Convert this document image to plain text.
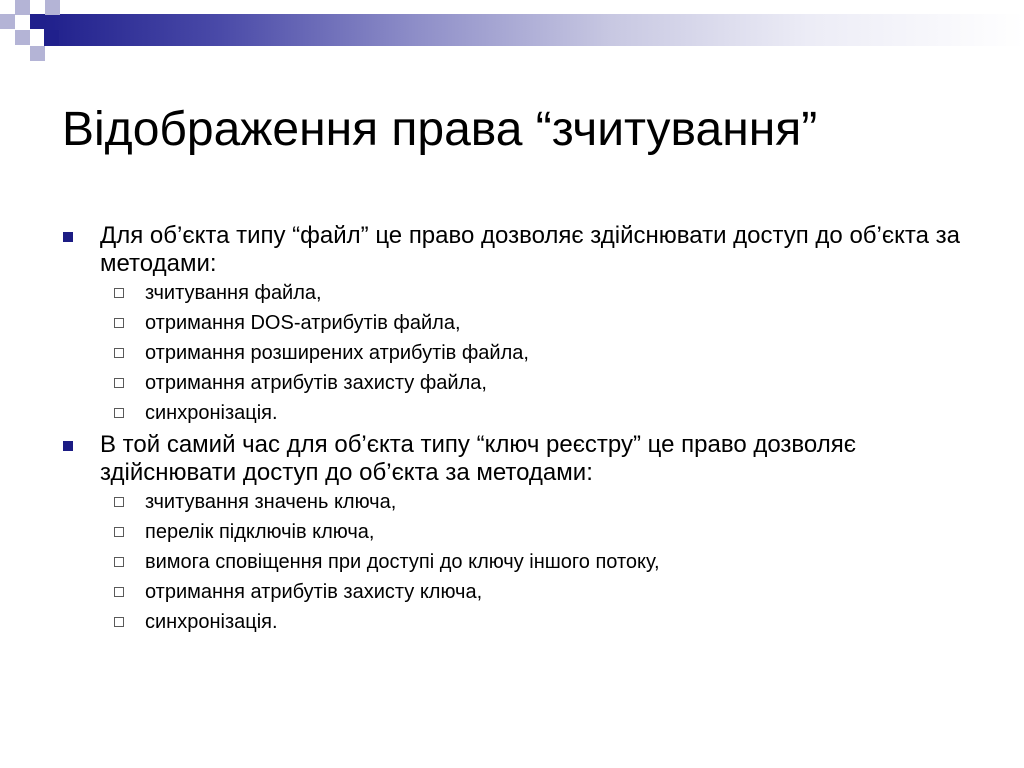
Відображення права “зчитування”
Для об’єкта типу “файл” це право дозволяє здійснювати доступ до об’єкта за методами:
зчитування файла,
отримання DOS-атрибутів файла,
отримання розширених атрибутів файла,
отримання атрибутів захисту файла,
синхронізація.
В той самий час для об’єкта типу “ключ реєстру” це право дозволяє здійснювати доступ до об’єкта за методами:
зчитування значень ключа,
перелік підключів ключа,
вимога сповіщення при доступі до ключу іншого потоку,
отримання атрибутів захисту ключа,
синхронізація.
